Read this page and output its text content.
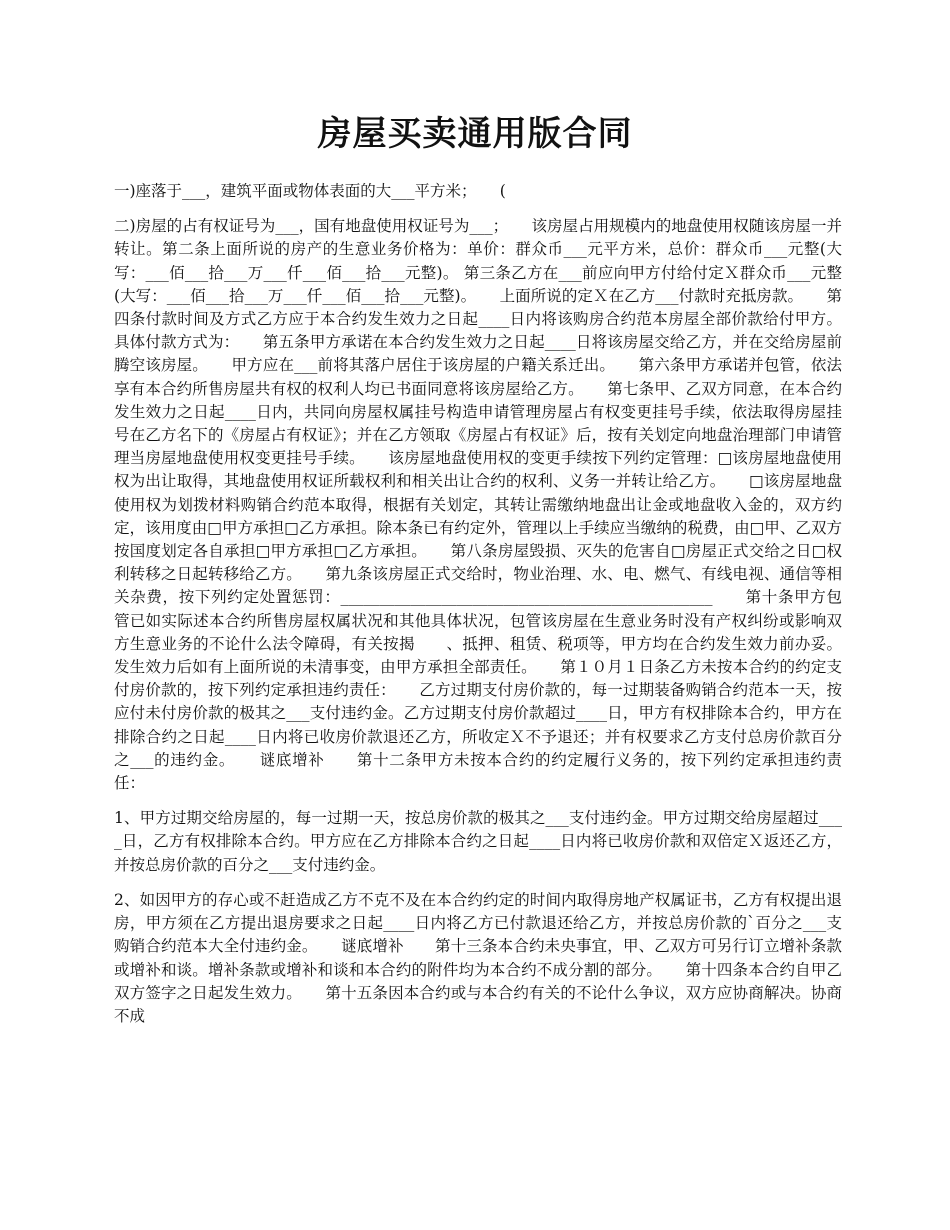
房屋买卖通用版合同

一)座落于___，建筑平面或物体表面的大___平方米；　　(

二)房屋的占有权证号为___，国有地盘使用权证号为___；　　该房屋占用规模内的地盘使用权随该房屋一并转让。第二条上面所说的房产的生意业务价格为：单价：群众币___元平方米，总价：群众币___元整(大写：___佰___拾___万___仟___佰___拾___元整)。 第三条乙方在___前应向甲方付给付定Ｘ群众币___元整(大写：___佰___拾___万___仟___佰___拾___元整)。　　上面所说的定Ｘ在乙方___付款时充抵房款。　　第四条付款时间及方式乙方应于本合约发生效力之日起____日内将该购房合约范本房屋全部价款给付甲方。具体付款方式为：　　第五条甲方承诺在本合约发生效力之日起____日将该房屋交给乙方，并在交给房屋前腾空该房屋。　　甲方应在___前将其落户居住于该房屋的户籍关系迁出。　　第六条甲方承诺并包管，依法享有本合约所售房屋共有权的权利人均已书面同意将该房屋给乙方。　　第七条甲、乙双方同意，在本合约发生效力之日起____日内，共同向房屋权属挂号构造申请管理房屋占有权变更挂号手续，依法取得房屋挂号在乙方名下的《房屋占有权证》；并在乙方领取《房屋占有权证》后，按有关划定向地盘治理部门申请管理当房屋地盘使用权变更挂号手续。　　该房屋地盘使用权的变更手续按下列约定管理：□该房屋地盘使用权为出让取得，其地盘使用权证所载权利和相关出让合约的权利、义务一并转让给乙方。　　□该房屋地盘使用权为划拨材料购销合约范本取得，根据有关划定，其转让需缴纳地盘出让金或地盘收入金的，双方约定，该用度由□甲方承担□乙方承担。除本条已有约定外，管理以上手续应当缴纳的税费，由□甲、乙双方按国度划定各自承担□甲方承担□乙方承担。　　第八条房屋毁损、灭失的危害自□房屋正式交给之日□权利转移之日起转移给乙方。　　第九条该房屋正式交给时，物业治理、水、电、燃气、有线电视、通信等相关杂费，按下列约定处置惩罚：________________________________________________　　第十条甲方包管已如实际述本合约所售房屋权属状况和其他具体状况，包管该房屋在生意业务时没有产权纠纷或影响双方生意业务的不论什么法令障碍，有关按揭　　、抵押、租赁、税项等，甲方均在合约发生效力前办妥。发生效力后如有上面所说的未清事变，由甲方承担全部责任。　　第１０月１日条乙方未按本合约的约定支付房价款的，按下列约定承担违约责任：　　乙方过期支付房价款的，每一过期装备购销合约范本一天，按应付未付房价款的极其之___支付违约金。乙方过期支付房价款超过____日，甲方有权排除本合约，甲方在排除合约之日起____日内将已收房价款退还乙方，所收定Ｘ不予退还；并有权要求乙方支付总房价款百分之___的违约金。　　谜底增补　　第十二条甲方未按本合约的约定履行义务的，按下列约定承担违约责任：

1、甲方过期交给房屋的，每一过期一天，按总房价款的极其之___支付违约金。甲方过期交给房屋超过____日，乙方有权排除本合约。甲方应在乙方排除本合约之日起____日内将已收房价款和双倍定Ｘ返还乙方，并按总房价款的百分之___支付违约金。

2、如因甲方的存心或不赶造成乙方不克不及在本合约约定的时间内取得房地产权属证书，乙方有权提出退房，甲方须在乙方提出退房要求之日起____日内将乙方已付款退还给乙方，并按总房价款的`百分之___支购销合约范本大全付违约金。　　谜底增补　　第十三条本合约未央事宜，甲、乙双方可另行订立增补条款或增补和谈。增补条款或增补和谈和本合约的附件均为本合约不成分割的部分。　　第十四条本合约自甲乙双方签字之日起发生效力。　　第十五条因本合约或与本合约有关的不论什么争议，双方应协商解决。协商不成
